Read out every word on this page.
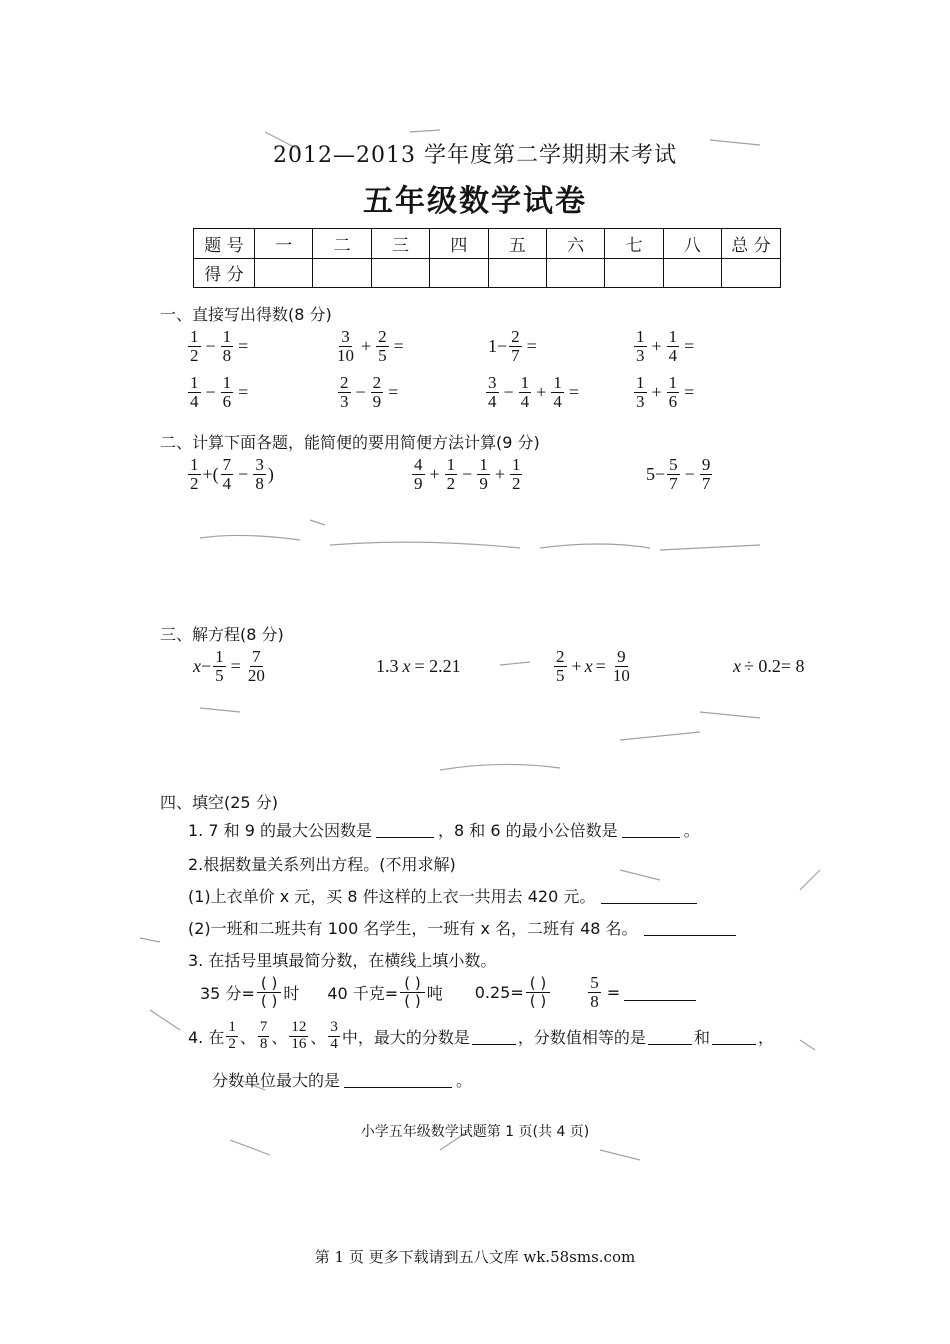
2012—2013 学年度第二学期期末考试
五年级数学试卷
题 号	一	二	三	四	五	六	七	八	总 分
得 分									
一、直接写出得数(8 分)
$\frac{1}{2} - \frac{1}{8}$ =	$\frac{3}{10} + \frac{2}{5}$ =	$1- \frac{2}{7}$ =	$\frac{1}{3} + \frac{1}{4}$ =
$\frac{1}{4} - \frac{1}{6}$ =	$\frac{2}{3} - \frac{2}{9}$ =	$\frac{3}{4} - \frac{1}{4} + \frac{1}{4}$ =	$\frac{1}{3} + \frac{1}{6}$ =
二、计算下面各题，能简便的要用简便方法计算(9 分)
$\frac{1}{2}$ +( $\frac{7}{4} - \frac{3}{8}$ )	$\frac{4}{9} + \frac{1}{2} - \frac{1}{9} + \frac{1}{2}$	$5- \frac{5}{7} - \frac{9}{7}$
三、解方程(8 分)
$x - \frac{1}{5} = \frac{7}{20}$	1.3 x = 2.21	$\frac{2}{5} + x = \frac{9}{10}$	x ÷ 0.2= 8
四、填空(25 分)
1. 7 和 9 的最大公因数是	，8 和 6 的最小公倍数是	。
2.根据数量关系列出方程。(不用求解)
(1)上衣单价 x 元，买 8 件这样的上衣一共用去 420 元。
(2)一班和二班共有 100 名学生，一班有 x 名，二班有 48 名。
3. 在括号里填最简分数，在横线上填小数。
35 分= $\frac{( )}{( )}$ 时 40 千克= $\frac{( )}{( )}$ 吨 $0.25= \frac{( )}{( )} \frac{5}{8}$ =
4. 在 $\frac{1}{2}$ 、 $\frac{7}{8}$ 、 $\frac{12}{16}$ 、 $\frac{3}{4}$ 中，最大的分数是	，分数值相等的是	和	，
分数单位最大的是	。
小学五年级数学试题第 1 页(共 4 页)
第 1 页 更多下载请到五八文库 wk.58sms.com
